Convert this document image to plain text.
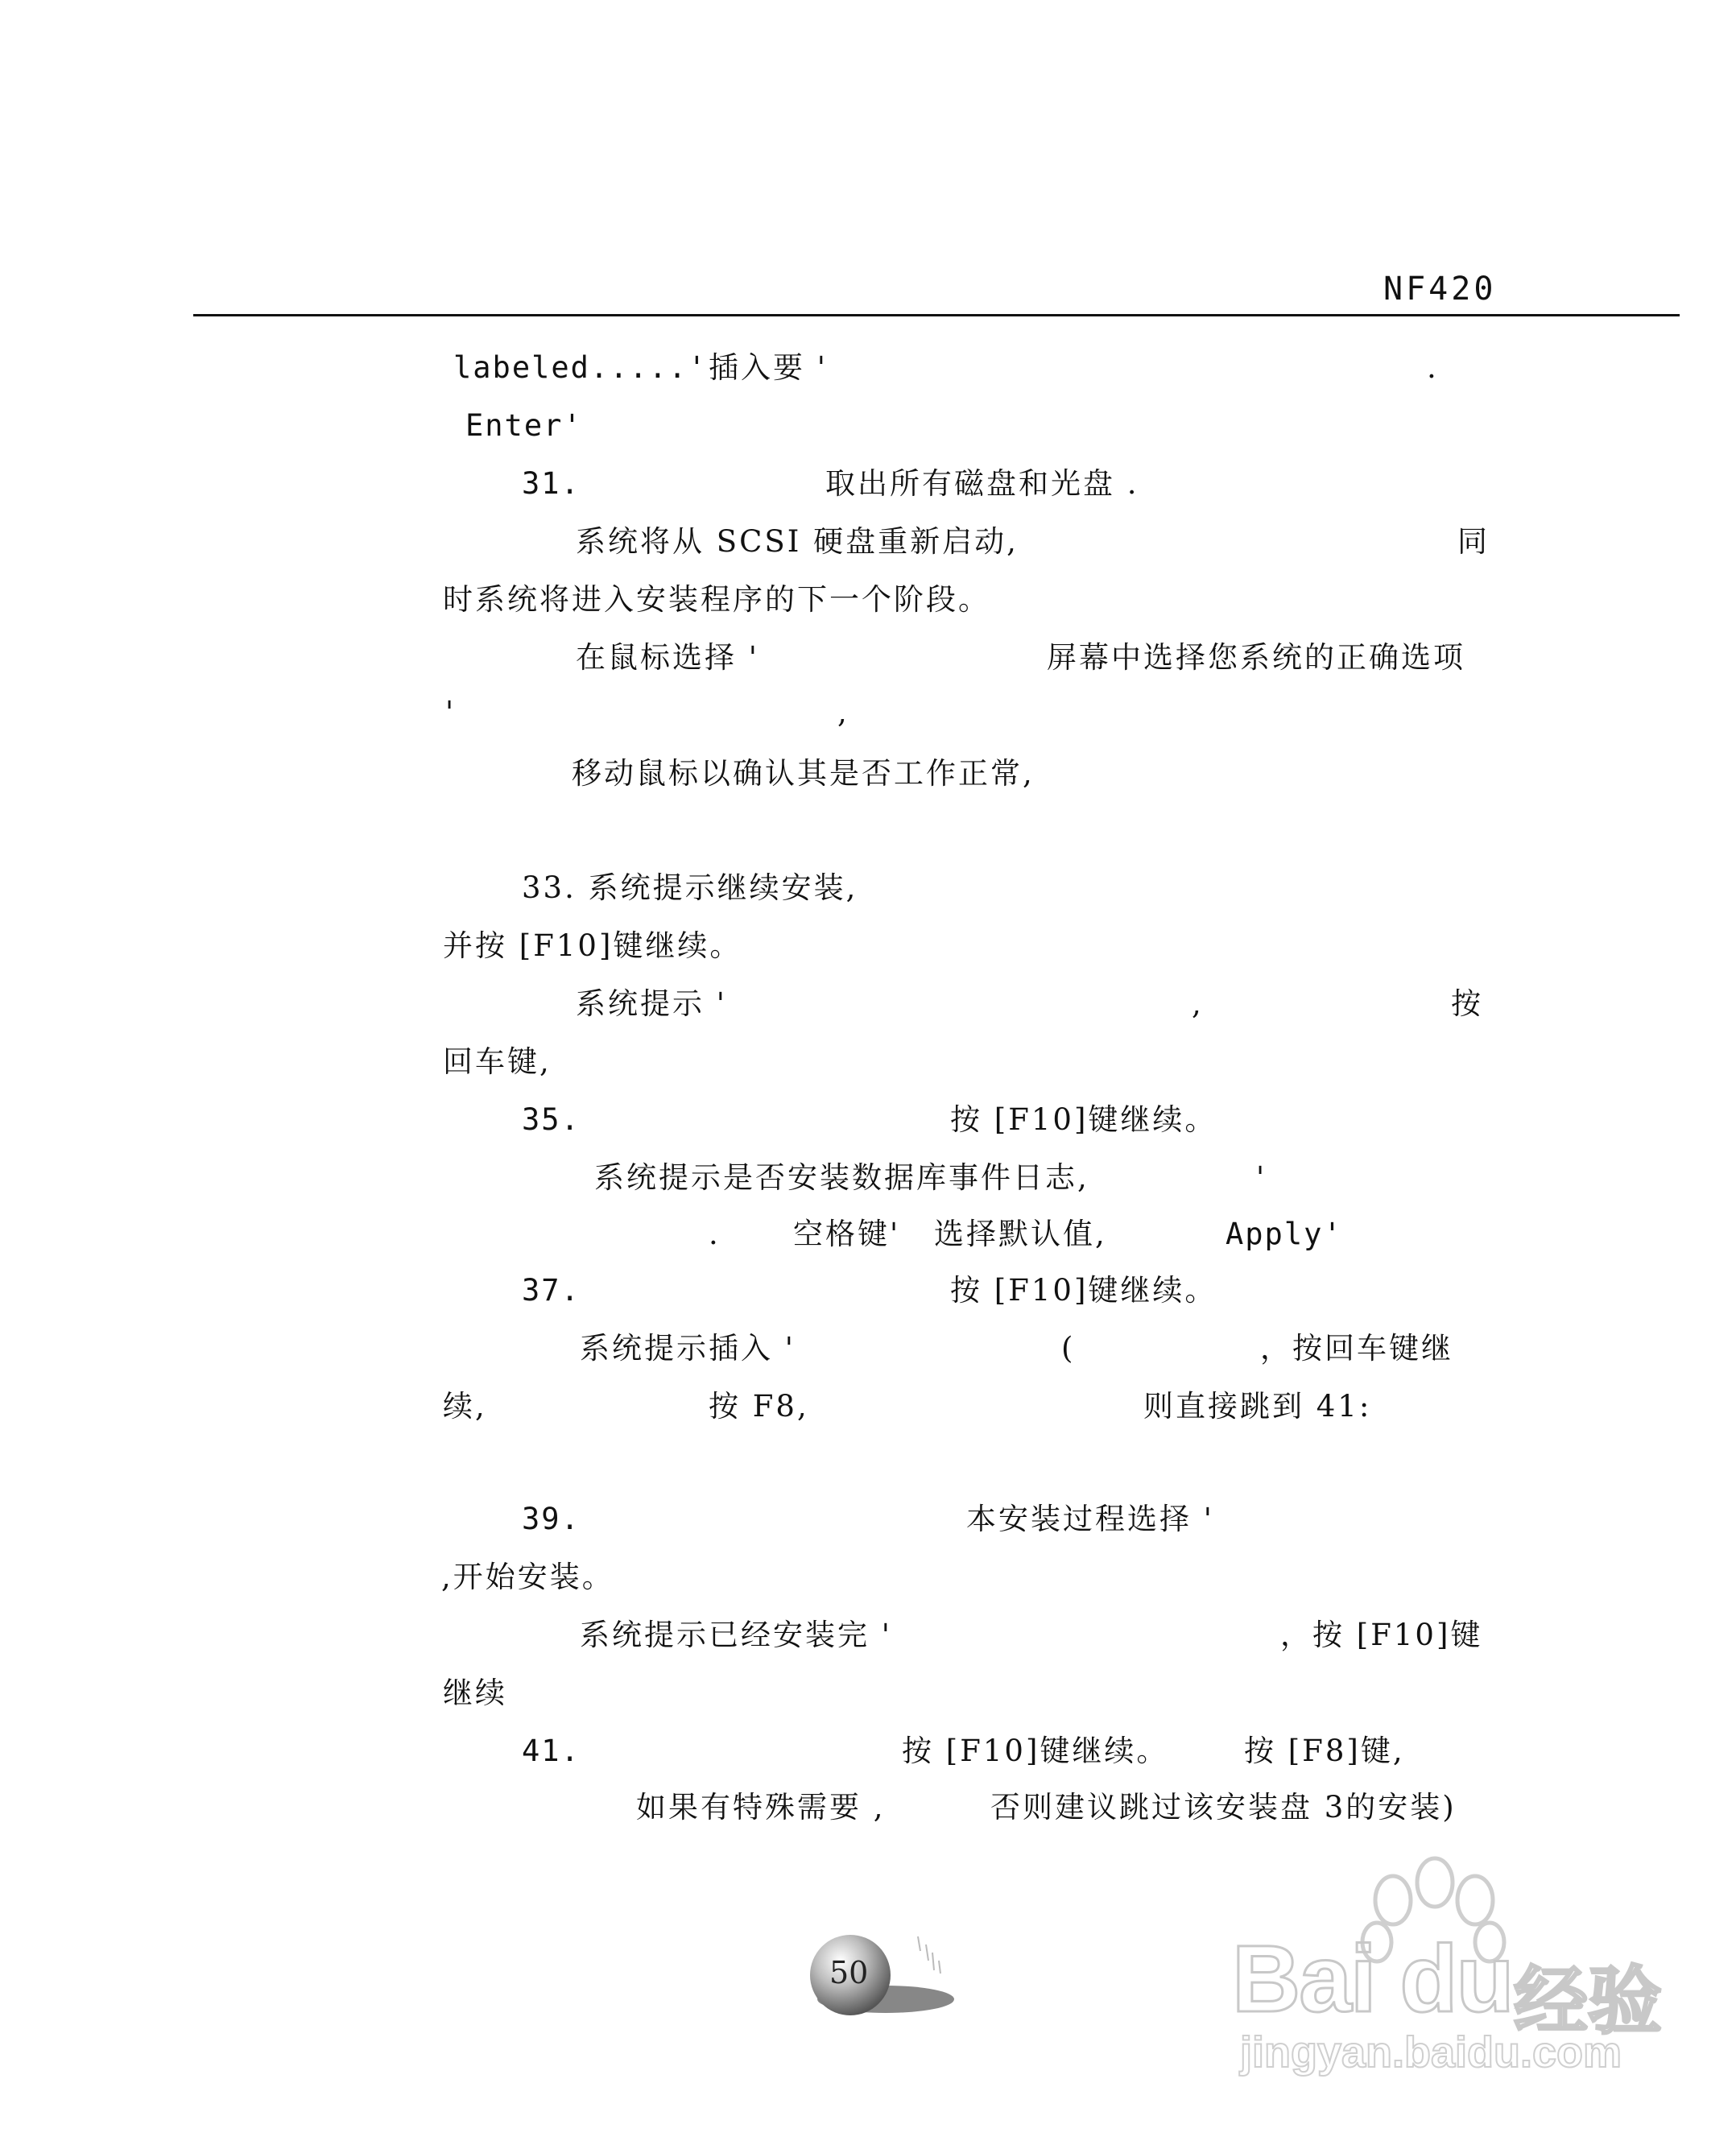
NF420
labeled.....' 插入要 '	.
Enter'
31.	取出所有磁盘和光盘 .
系统将从 SCSI 硬盘重新启动,	同
时系统将进入安装程序的下一个阶段。
在鼠标选择 '	屏幕中选择您系统的正确选项
'	,
移动鼠标以确认其是否工作正常,
33. 系统提示继续安装,
并按 [F10]键继续。
系统提示 '	,	按
回车键,
35.	按 [F10]键继续。
系统提示是否安装数据库事件日志,	'
. 空格键' 选择默认值,	Apply'
37.	按 [F10]键继续。
系统提示插入 '	(	，按回车键继
续,	按 F8,	则直接跳到 41:
39.	本安装过程选择 '
,开始安装。
系统提示已经安装完 '	，按 [F10]键
继续
41.	按 [F10]键继续。	按 [F8]键,
如果有特殊需要 ,	否则建议跳过该安装盘 3的安装)
50	Bai du 经验
jingyan.baidu.com
